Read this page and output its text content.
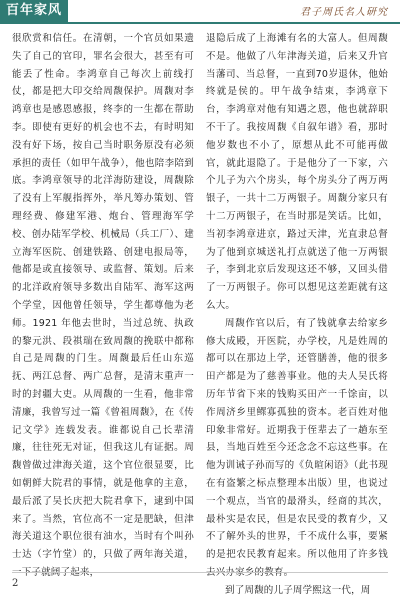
百年家风	君子周氏名人研究

很欣赏和信任。在清朝，一个官员如果遗失了自己的官印，罪名会很大，甚至有可能丢了性命。李鸿章自己每次上前线打仗，都是把大印交给周馥保护。周馥对李鸿章也是感恩感报，终李的一生都在帮助李。即使有更好的机会也不去，有时明知没有好下场，按自己当时职务原没有必须承担的责任（如甲午战争），他也陪李陪到底。李鸿章领导的北洋海防建设，周馥除了没有上军舰指挥外，举凡筹办策划、管理经费、修建军港、炮台、管理海军学校、创办陆军学校、机械局（兵工厂）、建立海军医院、创建铁路、创建电报局等，他都是或直接领导、或监督、策划。后来的北洋政府领导多数出自陆军、海军这两个学堂，因他曾任领导，学生都尊他为老师。1921 年他去世时，当过总统、执政的黎元洪、段祺瑞在致周馥的挽联中都称自己是周馥的门生。周馥最后任山东巡抚、两江总督、两广总督，是清末重声一时的封疆大吏。从周馥的一生看，他非常清廉，我曾写过一篇《曾祖周馥》，在《传记文学》连载发表。谁都说自己长辈清廉，往往死无对证，但我这儿有证据。周馥曾做过津海关道，这个官位很显要，比如朝鲜大院君的事情，就是他拿的主意，最后派了吴长庆把大院君拿下，逮到中国来了。当然，官位高不一定是肥缺，但津海关道这个职位很有油水，当时有个叫孙士达（字竹堂）的，只做了两年海关道，

退隐后成了上海滩有名的大富人。但周馥不是。他做了八年津海关道，后来又升官当藩司、当总督，一直到70岁退休，他始终就是侯的。甲午战争结束，李鸿章下台，李鸿章对他有知遇之恩，他也就辞职不干了。我按周馥《自叙年谱》看，那时他岁数也不小了，原想从此不可能再做官，就此退隐了。于是他分了一下家，六个儿子为六个房头，每个房头分了两万两银子，一共十二万两银子。周馥分家只有十二万两银子，在当时那是笑话。比如，当初李鸿章进京，路过天津，光直隶总督为了他到京城送礼打点就送了他一万两银子，李到北京后发现这还不够，又回头借了一万两银子。你可以想见这差距就有这么大。

周馥作官以后，有了钱就拿去给家乡修大成殿，开医院，办学校，凡是姓周的都可以在那边上学，还管膳善，他的很多田产都是为了慈善事业。他的夫人吴氏将历年节省下来的钱购买田产一千馀亩，以作周济乡里鳏寡孤独的资本。老百姓对他印象非常好。近期我于侄辈去了一趟东至县，当地百姓至今还念念不忘这些事。在他为训诫子孙而写的《负暄闲语》（此书现在有盗繁之标点整理本出版）里，也说过一个观点，当官的最滑头，经商的其次，最朴实是农民，但是农民受的教育少，又不了解外头的世界，千不成什么事，要紧的是把农民教育起来。所以他用了许多钱

到了周馥的儿子周学熙这一代，周

2
